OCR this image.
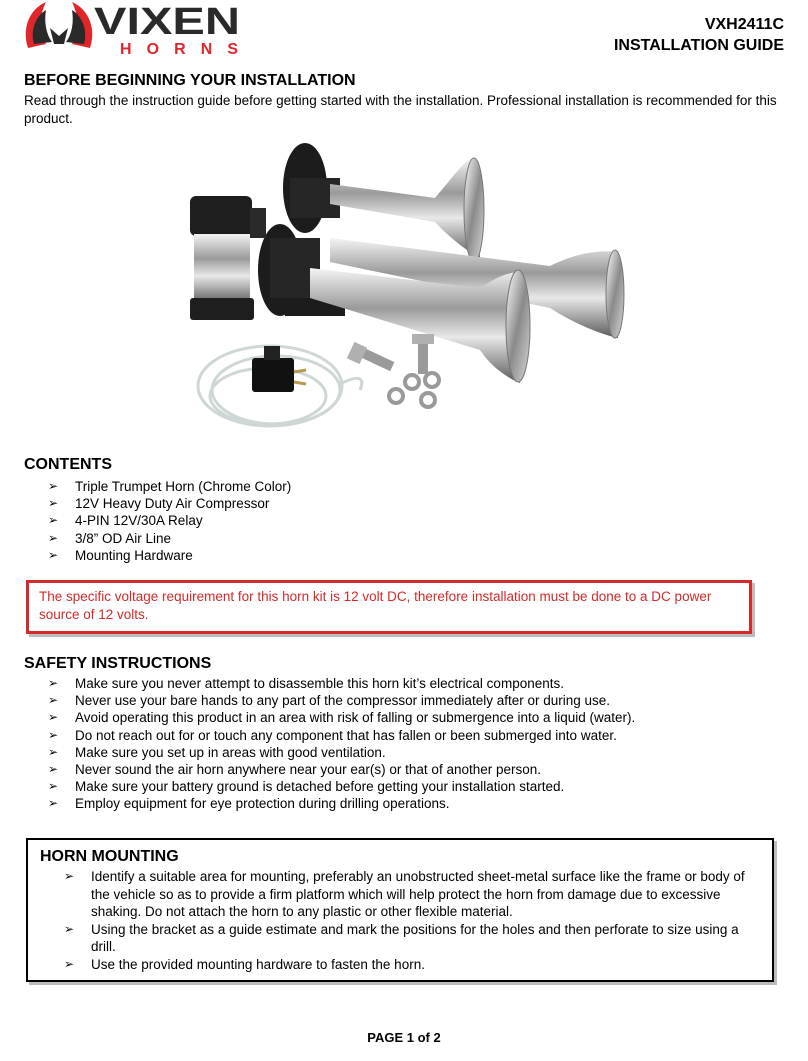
VIXEN
HORNS
VXH2411C
INSTALLATION GUIDE

BEFORE BEGINNING YOUR INSTALLATION

Read through the instruction guide before getting started with the installation. Professional installation is recommended for this product.

CONTENTS

➢ Triple Trumpet Horn (Chrome Color)
➢ 12V Heavy Duty Air Compressor
➢ 4-PIN 12V/30A Relay
➢ 3/8” OD Air Line
➢ Mounting Hardware
The specific voltage requirement for this horn kit is 12 volt DC, therefore installation must be done to a DC power source of 12 volts.

SAFETY INSTRUCTIONS

➢ Make sure you never attempt to disassemble this horn kit’s electrical components.
➢ Never use your bare hands to any part of the compressor immediately after or during use.
➢ Avoid operating this product in an area with risk of falling or submergence into a liquid (water).
➢ Do not reach out for or touch any component that has fallen or been submerged into water.
➢ Make sure you set up in areas with good ventilation.
➢ Never sound the air horn anywhere near your ear(s) or that of another person.
➢ Make sure your battery ground is detached before getting your installation started.
➢ Employ equipment for eye protection during drilling operations.

HORN MOUNTING

➢ Identify a suitable area for mounting, preferably an unobstructed sheet-metal surface like the frame or body of the vehicle so as to provide a firm platform which will help protect the horn from damage due to excessive shaking. Do not attach the horn to any plastic or other flexible material.
➢ Using the bracket as a guide estimate and mark the positions for the holes and then perforate to size using a drill.
➢ Use the provided mounting hardware to fasten the horn.
PAGE 1 of 2
